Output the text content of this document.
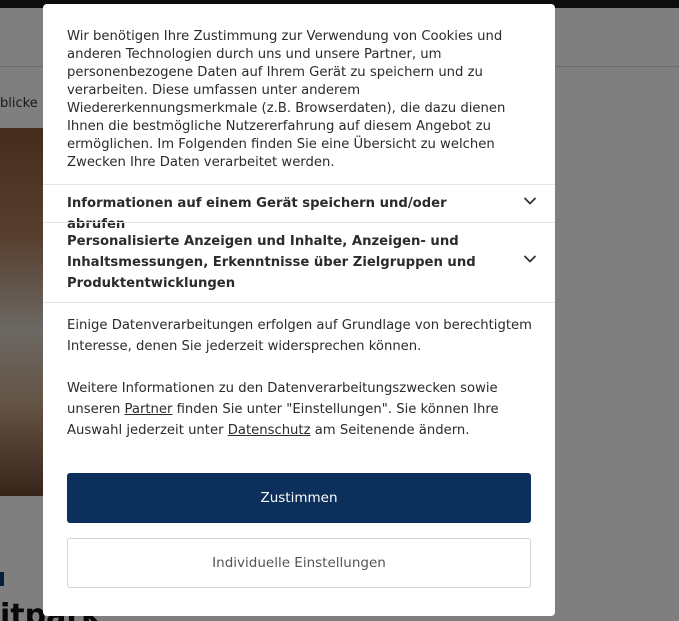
Wir benötigen Ihre Zustimmung zur Verwendung von Cookies und anderen Technologien durch uns und unsere Partner, um personenbezogene Daten auf Ihrem Gerät zu speichern und zu verarbeiten. Diese umfassen unter anderem Wiedererkennungsmerkmale (z.B. Browserdaten), die dazu dienen Ihnen die bestmögliche Nutzererfahrung auf diesem Angebot zu ermöglichen. Im Folgenden finden Sie eine Übersicht zu welchen Zwecken Ihre Daten verarbeitet werden.

Informationen auf einem Gerät speichern und/oder abrufen
Personalisierte Anzeigen und Inhalte, Anzeigen- und Inhaltsmessungen, Erkenntnisse über Zielgruppen und Produktentwicklungen

Einige Datenverarbeitungen erfolgen auf Grundlage von berechtigtem Interesse, denen Sie jederzeit widersprechen können.

Weitere Informationen zu den Datenverarbeitungszwecken sowie unseren Partner finden Sie unter "Einstellungen". Sie können Ihre Auswahl jederzeit unter Datenschutz am Seitenende ändern.

Zustimmen
Individuelle Einstellungen
